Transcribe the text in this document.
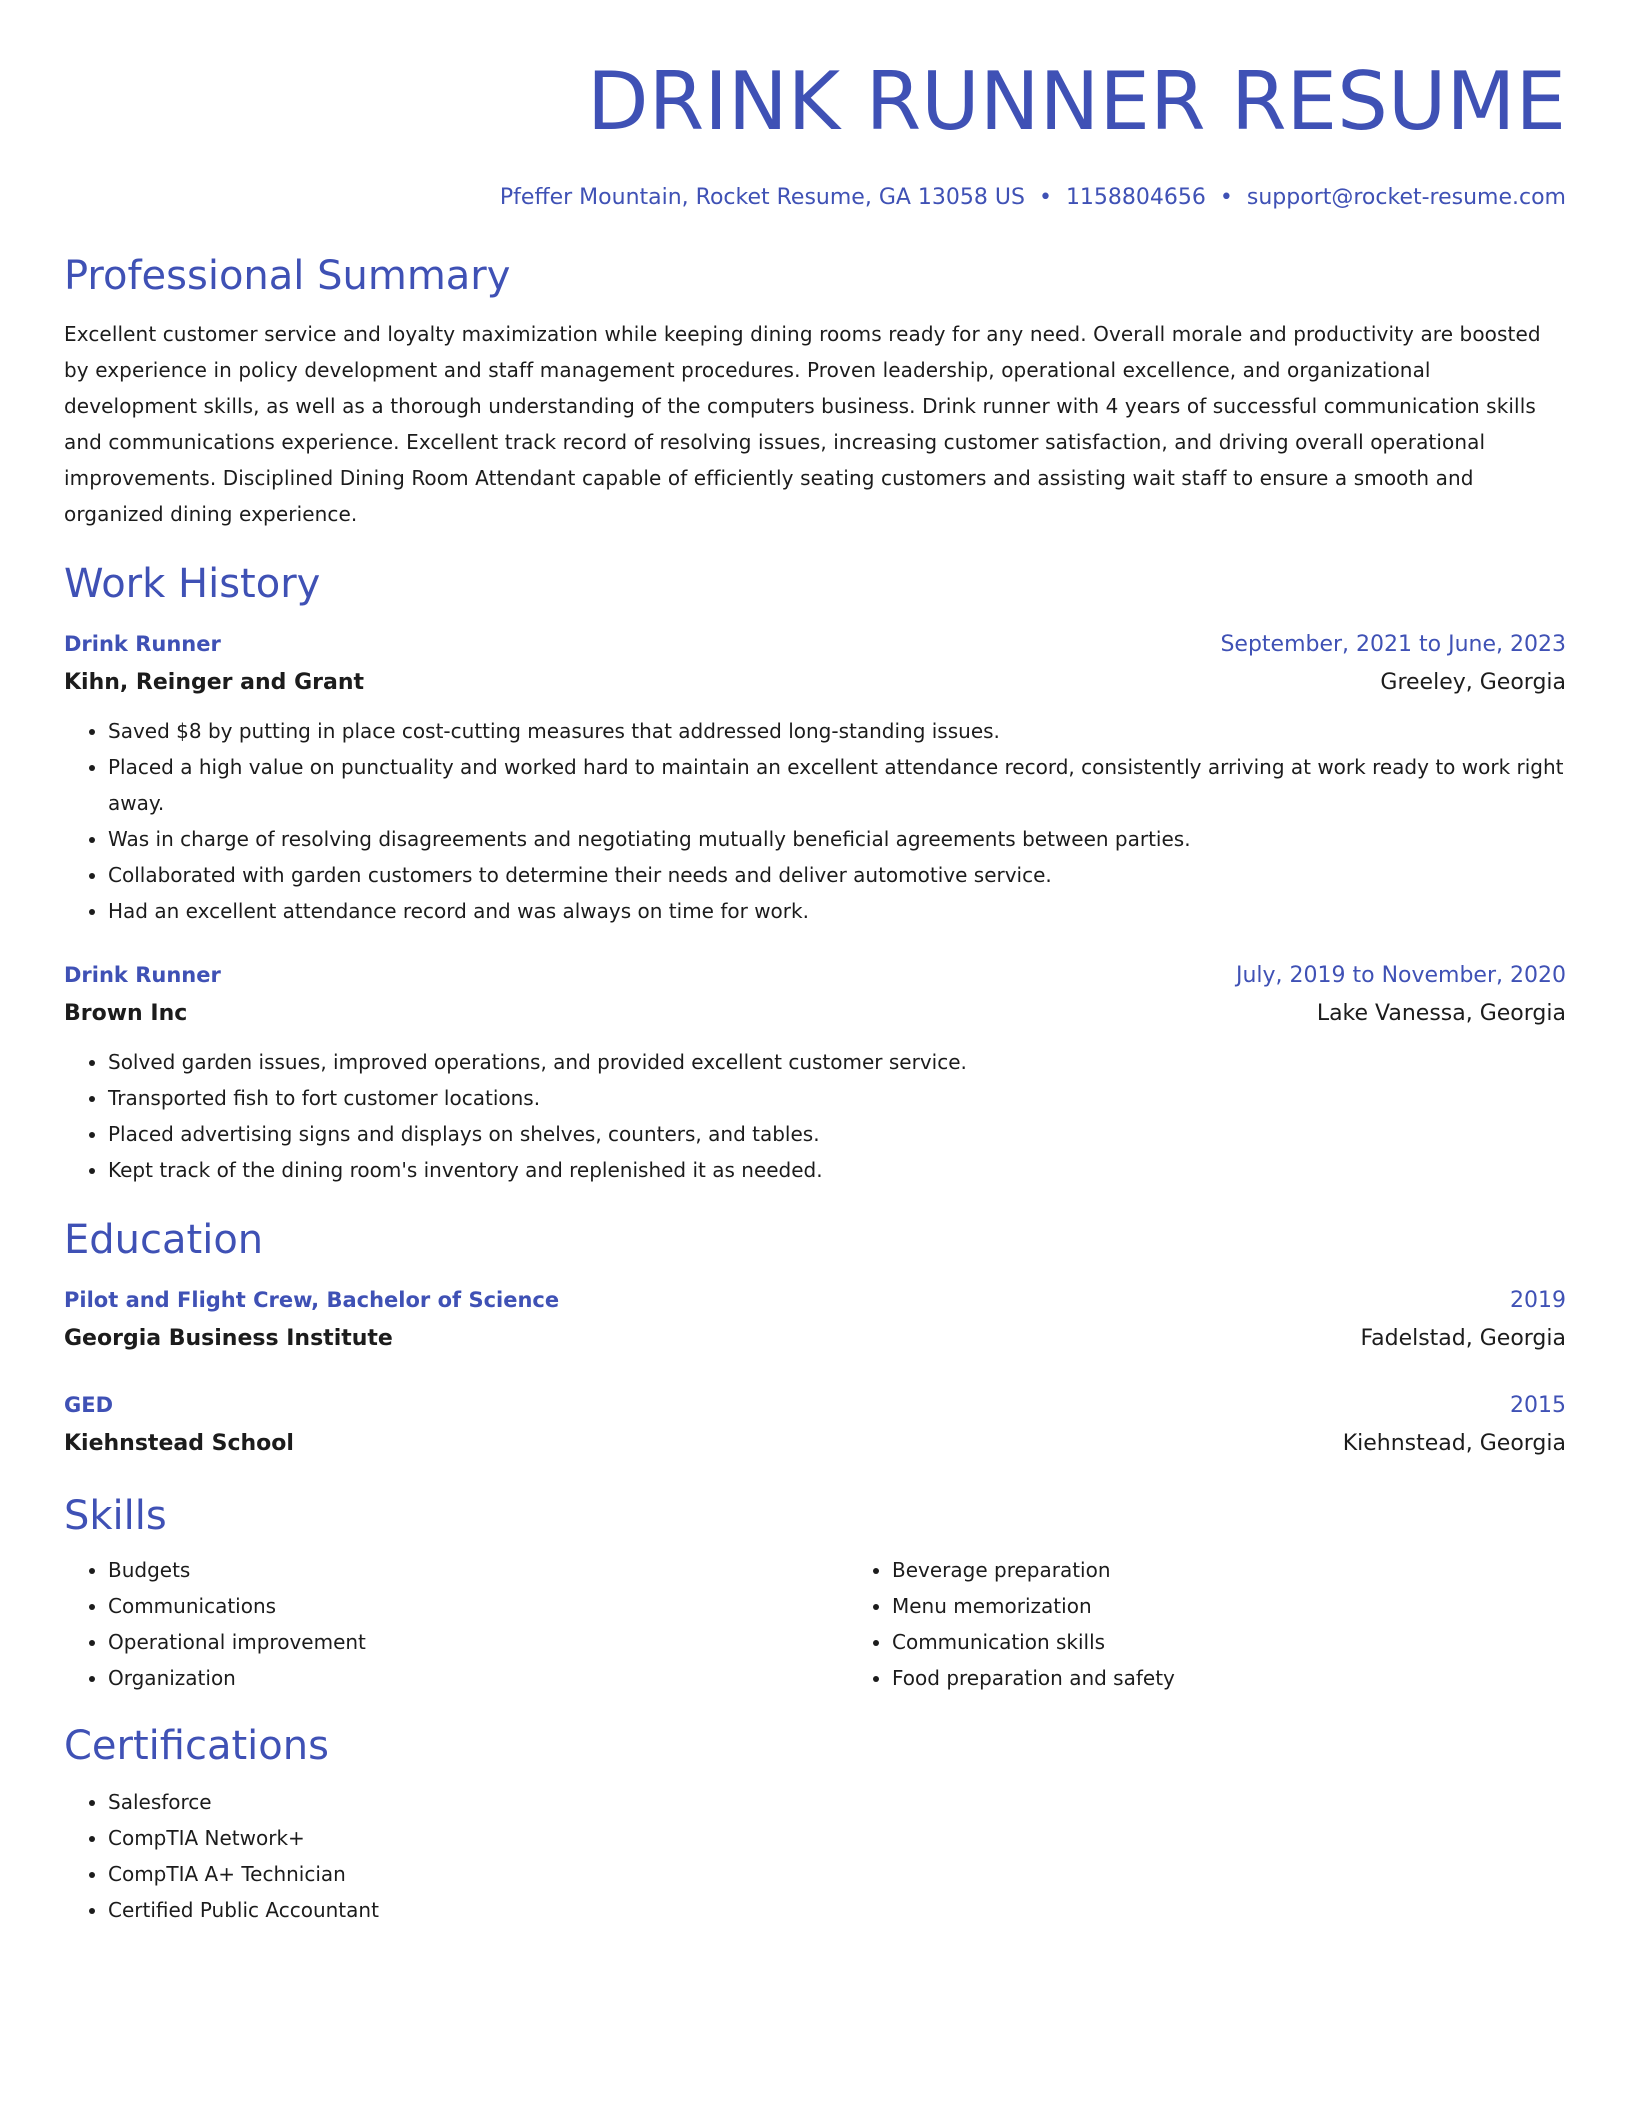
DRINK RUNNER RESUME
Pfeffer Mountain, Rocket Resume, GA 13058 US • 1158804656 • support@rocket-resume.com
Professional Summary

Excellent customer service and loyalty maximization while keeping dining rooms ready for any need. Overall morale and productivity are boosted by experience in policy development and staff management procedures. Proven leadership, operational excellence, and organizational development skills, as well as a thorough understanding of the computers business. Drink runner with 4 years of successful communication skills and communications experience. Excellent track record of resolving issues, increasing customer satisfaction, and driving overall operational improvements. Disciplined Dining Room Attendant capable of efficiently seating customers and assisting wait staff to ensure a smooth and organized dining experience.

Work History
Drink Runner	September, 2021 to June, 2023
Kihn, Reinger and Grant	Greeley, Georgia
• Saved $8 by putting in place cost-cutting measures that addressed long-standing issues.
• Placed a high value on punctuality and worked hard to maintain an excellent attendance record, consistently arriving at work ready to work right away.
• Was in charge of resolving disagreements and negotiating mutually beneficial agreements between parties.
• Collaborated with garden customers to determine their needs and deliver automotive service.
• Had an excellent attendance record and was always on time for work.
Drink Runner	July, 2019 to November, 2020
Brown Inc	Lake Vanessa, Georgia
• Solved garden issues, improved operations, and provided excellent customer service.
• Transported fish to fort customer locations.
• Placed advertising signs and displays on shelves, counters, and tables.
• Kept track of the dining room's inventory and replenished it as needed.
Education
Pilot and Flight Crew, Bachelor of Science	2019
Georgia Business Institute	Fadelstad, Georgia
GED	2015
Kiehnstead School	Kiehnstead, Georgia
Skills
• Budgets
• Communications
• Operational improvement
• Organization
• Beverage preparation
• Menu memorization
• Communication skills
• Food preparation and safety
Certifications
• Salesforce
• CompTIA Network+
• CompTIA A+ Technician
• Certified Public Accountant
